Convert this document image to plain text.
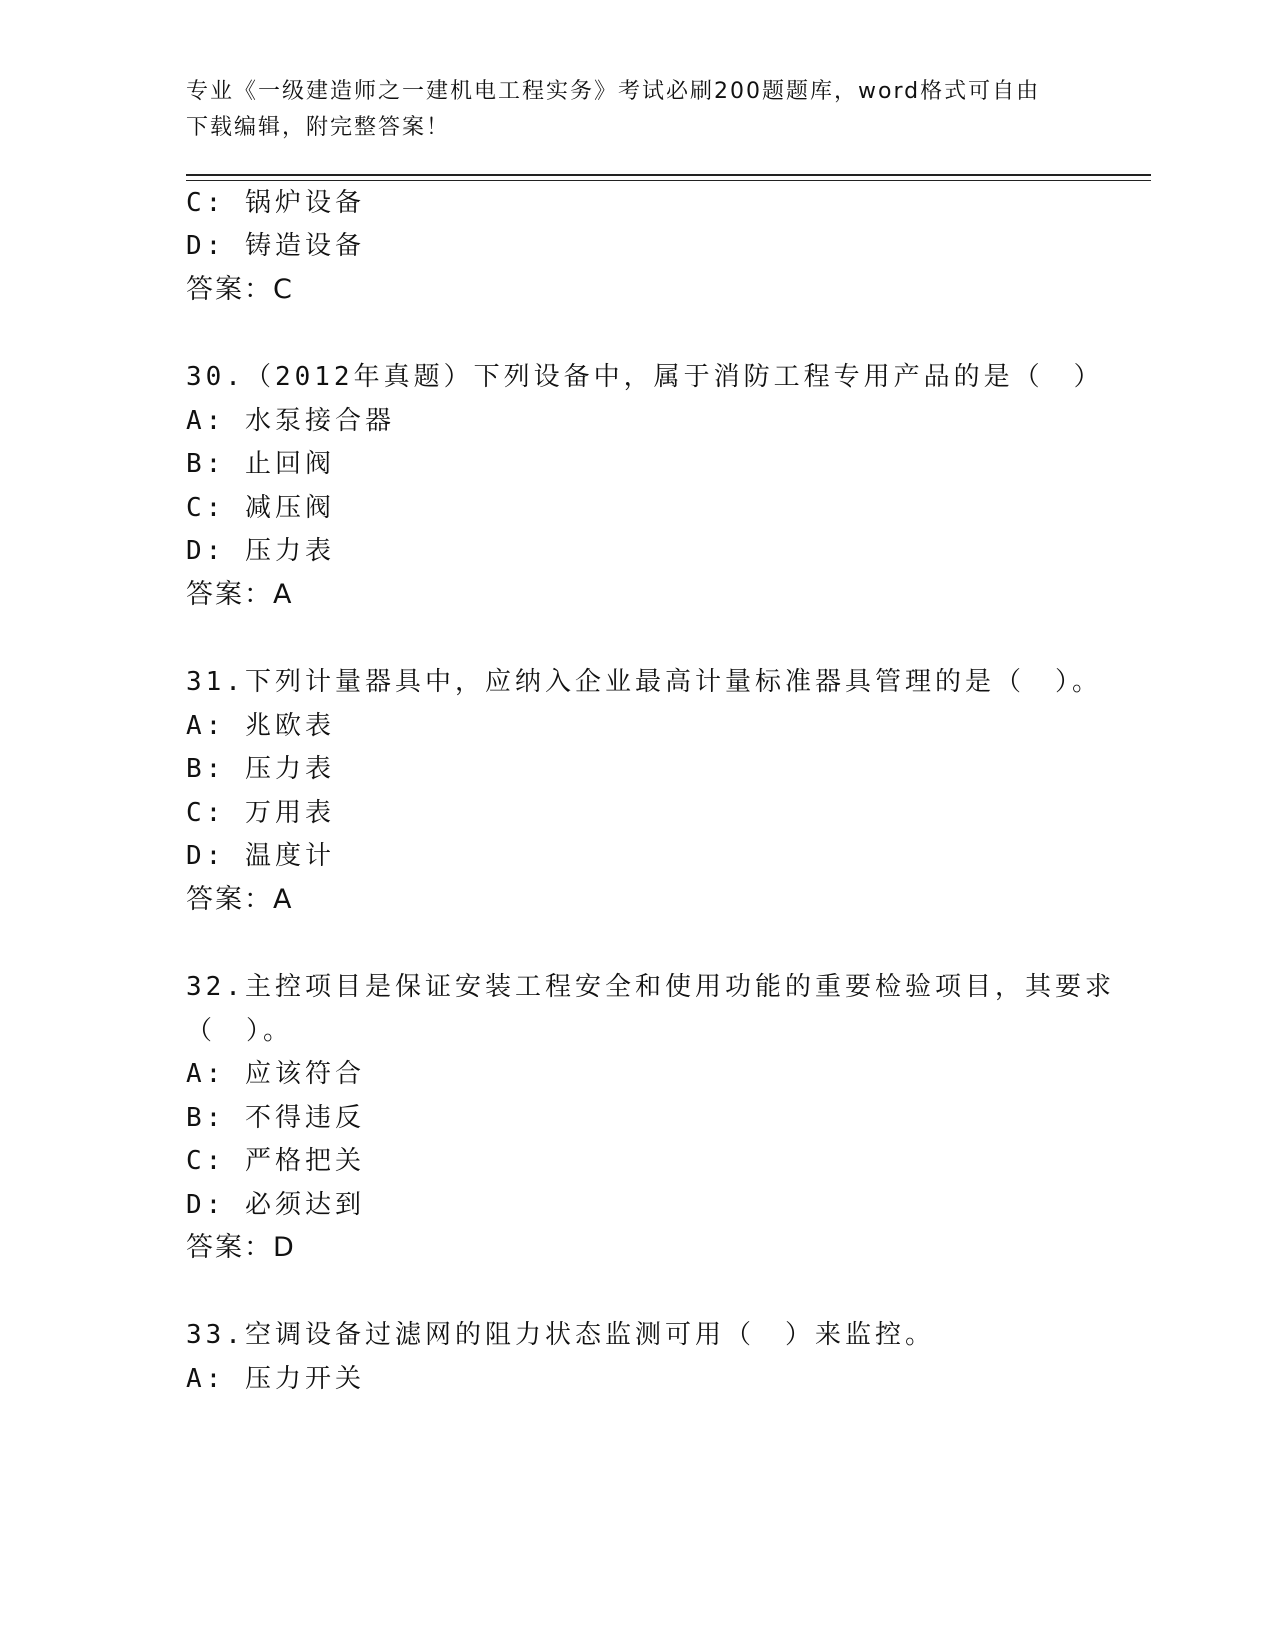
专业《一级建造师之一建机电工程实务》考试必刷200题题库，word格式可自由
下载编辑，附完整答案！
C: 锅炉设备
D: 铸造设备
答案：C
30.（2012年真题）下列设备中，属于消防工程专用产品的是（　）
A: 水泵接合器
B: 止回阀
C: 减压阀
D: 压力表
答案：A
31.下列计量器具中，应纳入企业最高计量标准器具管理的是（　）。
A: 兆欧表
B: 压力表
C: 万用表
D: 温度计
答案：A
32.主控项目是保证安装工程安全和使用功能的重要检验项目，其要求
（　）。
A: 应该符合
B: 不得违反
C: 严格把关
D: 必须达到
答案：D
33.空调设备过滤网的阻力状态监测可用（　）来监控。
A: 压力开关
